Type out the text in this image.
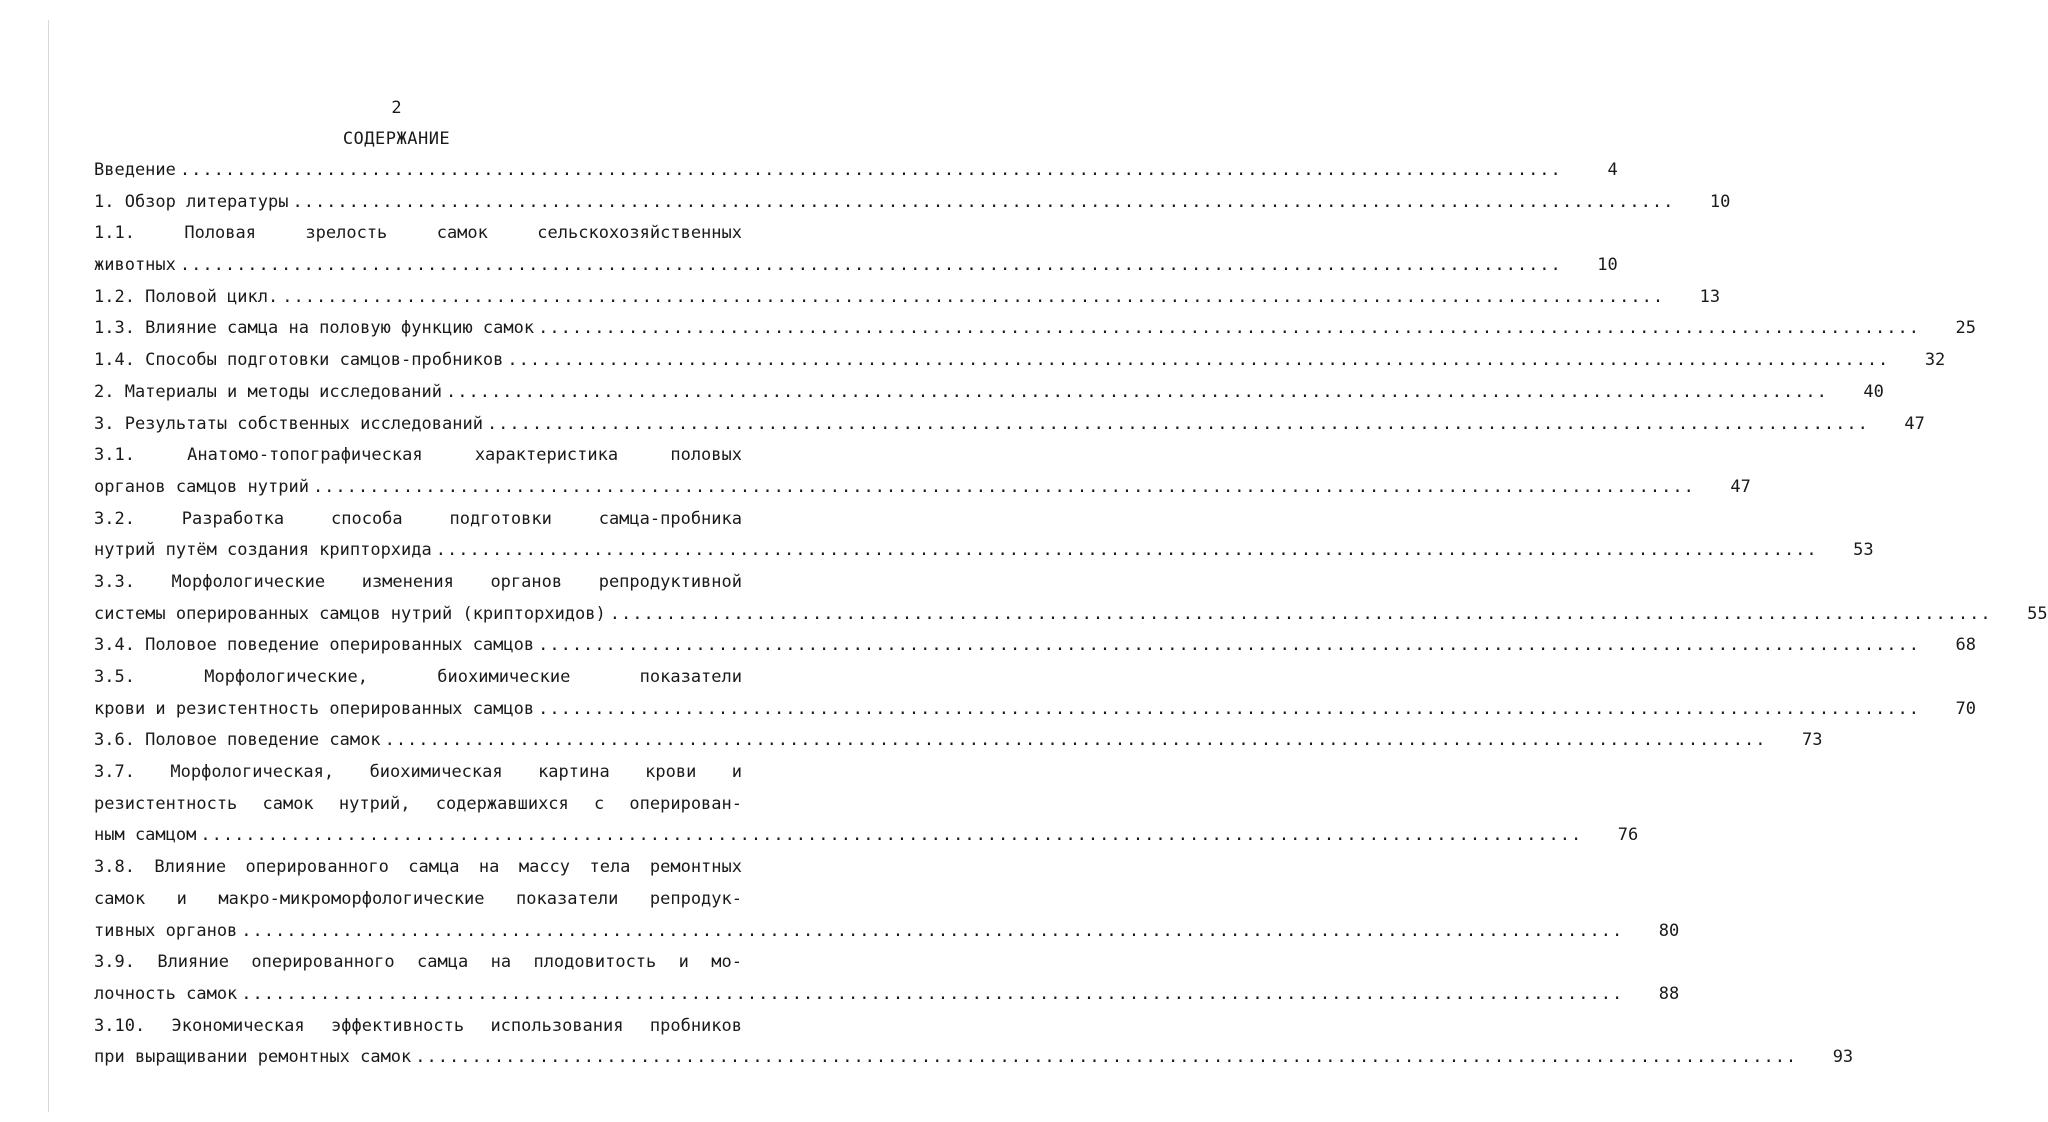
2
СОДЕРЖАНИЕ
Введение ...........................................................................................................................	4
1. Обзор литературы ...........................................................................................................................	10
1.1. Половая зрелость самок сельскохозяйственных
животных ...........................................................................................................................	10
1.2. Половой цикл. ...........................................................................................................................	13
1.3. Влияние самца на половую функцию самок ...........................................................................................................................	25
1.4. Способы подготовки самцов-пробников ...........................................................................................................................	32
2. Материалы и методы исследований ...........................................................................................................................	40
3. Результаты собственных исследований ...........................................................................................................................	47
3.1. Анатомо-топографическая характеристика половых
органов самцов нутрий ...........................................................................................................................	47
3.2. Разработка способа подготовки самца-пробника
нутрий путём создания крипторхида ...........................................................................................................................	53
3.3. Морфологические изменения органов репродуктивной
системы оперированных самцов нутрий (крипторхидов) ...........................................................................................................................	55
3.4. Половое поведение оперированных самцов ...........................................................................................................................	68
3.5. Морфологические, биохимические показатели
крови и резистентность оперированных самцов ...........................................................................................................................	70
3.6. Половое поведение самок ...........................................................................................................................	73
3.7. Морфологическая, биохимическая картина крови и
резистентность самок нутрий, содержавшихся с оперирован-
ным самцом ...........................................................................................................................	76
3.8. Влияние оперированного самца на массу тела ремонтных
самок и макро-микроморфологические показатели репродук-
тивных органов ...........................................................................................................................	80
3.9. Влияние оперированного самца на плодовитость и мо-
лочность самок ...........................................................................................................................	88
3.10. Экономическая эффективность использования пробников
при выращивании ремонтных самок ...........................................................................................................................	93
